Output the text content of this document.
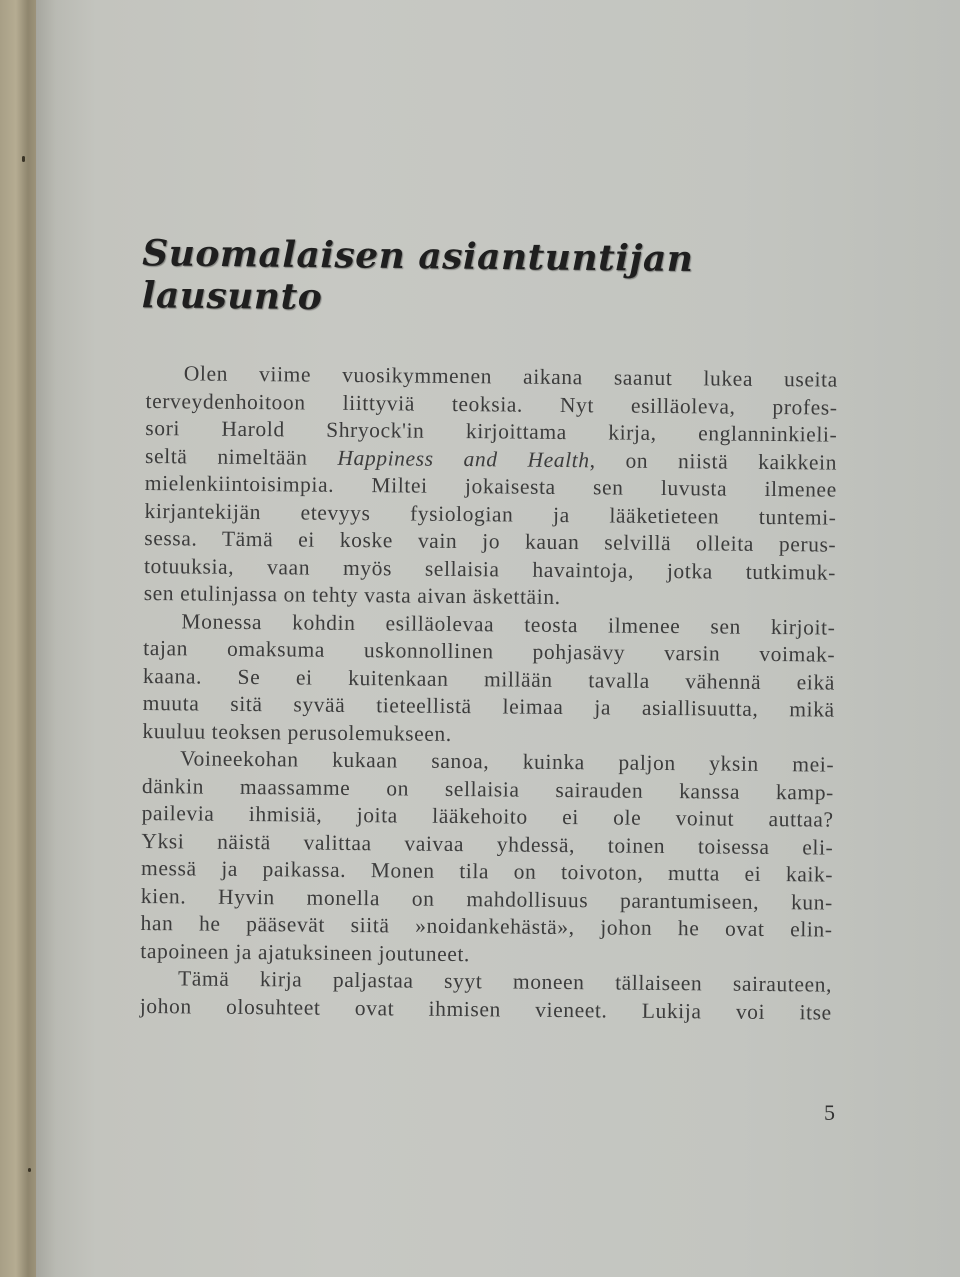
Suomalaisen asiantuntijan lausunto
Olen viime vuosikymmenen aikana saanut lukea useita
terveydenhoitoon liittyviä teoksia. Nyt esilläoleva, profes-
sori Harold Shryock'in kirjoittama kirja, englanninkieli-
seltä nimeltään Happiness and Health, on niistä kaikkein
mielenkiintoisimpia. Miltei jokaisesta sen luvusta ilmenee
kirjantekijän etevyys fysiologian ja lääketieteen tuntemi-
sessa. Tämä ei koske vain jo kauan selvillä olleita perus-
totuuksia, vaan myös sellaisia havaintoja, jotka tutkimuk-
sen etulinjassa on tehty vasta aivan äskettäin.
Monessa kohdin esilläolevaa teosta ilmenee sen kirjoit-
tajan omaksuma uskonnollinen pohjasävy varsin voimak-
kaana. Se ei kuitenkaan millään tavalla vähennä eikä
muuta sitä syvää tieteellistä leimaa ja asiallisuutta, mikä
kuuluu teoksen perusolemukseen.
Voineekohan kukaan sanoa, kuinka paljon yksin mei-
dänkin maassamme on sellaisia sairauden kanssa kamp-
pailevia ihmisiä, joita lääkehoito ei ole voinut auttaa?
Yksi näistä valittaa vaivaa yhdessä, toinen toisessa eli-
messä ja paikassa. Monen tila on toivoton, mutta ei kaik-
kien. Hyvin monella on mahdollisuus parantumiseen, kun-
han he pääsevät siitä »noidankehästä», johon he ovat elin-
tapoineen ja ajatuksineen joutuneet.
Tämä kirja paljastaa syyt moneen tällaiseen sairauteen,
johon olosuhteet ovat ihmisen vieneet. Lukija voi itse
5
